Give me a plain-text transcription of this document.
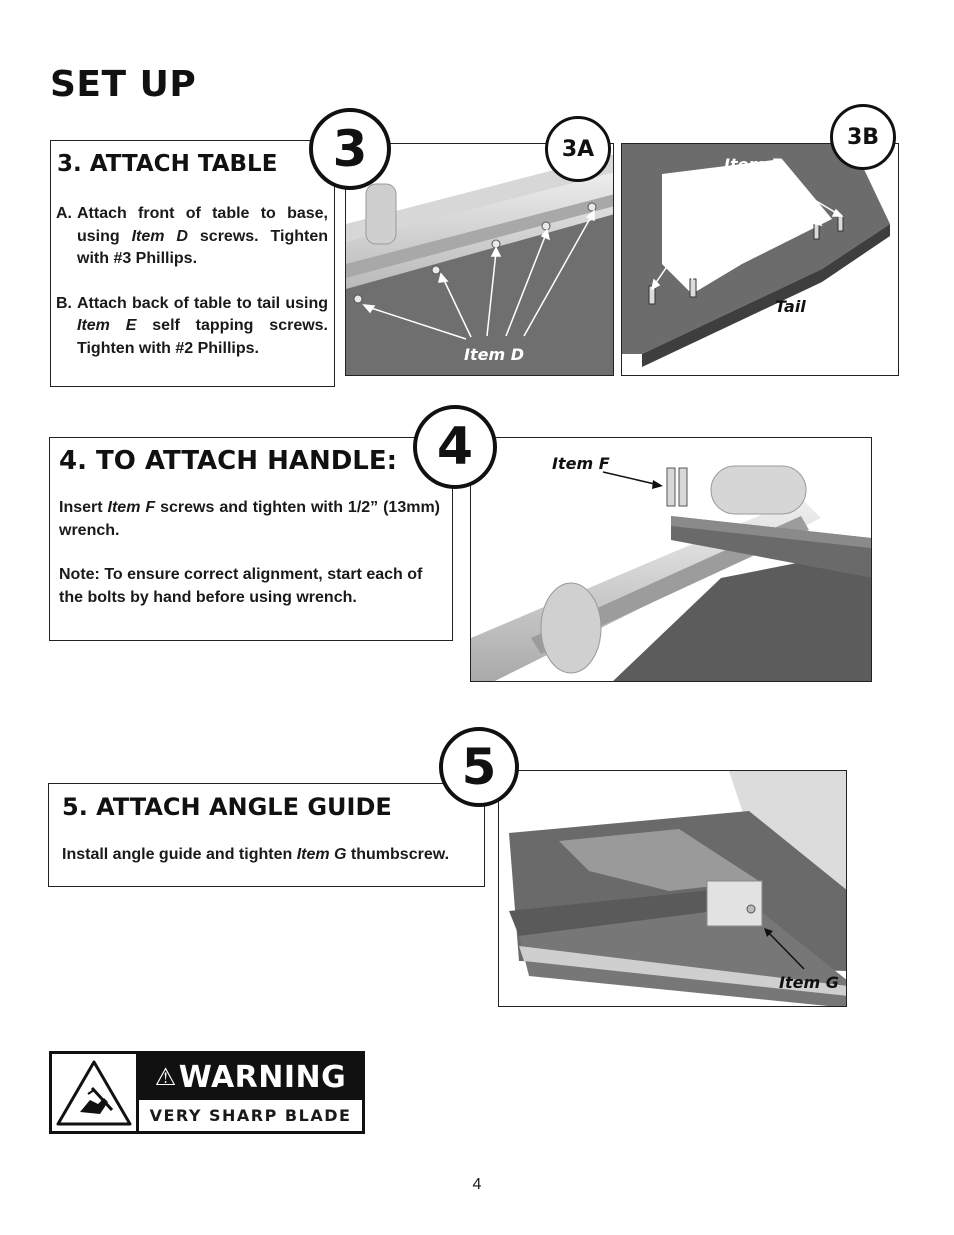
SET UP
3. ATTACH TABLE
A. Attach front of table to base, using Item D screws. Tighten with #3 Phillips.
B. Attach back of table to tail using Item E self tapping screws. Tighten with #2 Phillips.	Item D
3A
Item E
Tail
3B
3
4. TO ATTACH HANDLE:
Insert Item F screws and tighten with 1/2” (13mm) wrench.
Note: To ensure correct alignment, start each of the bolts by hand before using wrench.
Item F
4
5. ATTACH ANGLE GUIDE
Install angle guide and tighten Item G thumbscrew.
Item G
5
⚠ WARNING
VERY SHARP BLADE
4
